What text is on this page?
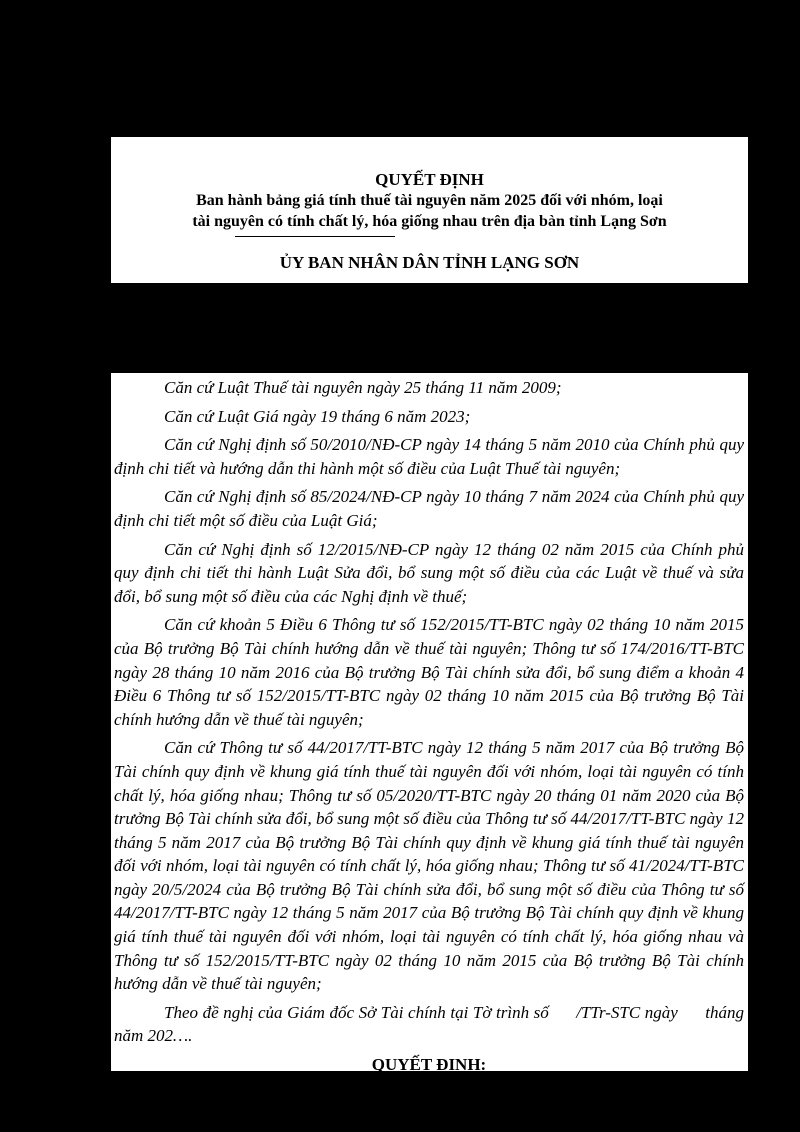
QUYẾT ĐỊNH
Ban hành bảng giá tính thuế tài nguyên năm 2025 đối với nhóm, loại
tài nguyên có tính chất lý, hóa giống nhau trên địa bàn tỉnh Lạng Sơn
ỦY BAN NHÂN DÂN TỈNH LẠNG SƠN

Căn cứ Luật Thuế tài nguyên ngày 25 tháng 11 năm 2009;

Căn cứ Luật Giá ngày 19 tháng 6 năm 2023;

Căn cứ Nghị định số 50/2010/NĐ-CP ngày 14 tháng 5 năm 2010 của Chính phủ quy định chi tiết và hướng dẫn thi hành một số điều của Luật Thuế tài nguyên;

Căn cứ Nghị định số 85/2024/NĐ-CP ngày 10 tháng 7 năm 2024 của Chính phủ quy định chi tiết một số điều của Luật Giá;

Căn cứ Nghị định số 12/2015/NĐ-CP ngày 12 tháng 02 năm 2015 của Chính phủ quy định chi tiết thi hành Luật Sửa đổi, bổ sung một số điều của các Luật về thuế và sửa đổi, bổ sung một số điều của các Nghị định về thuế;

Căn cứ khoản 5 Điều 6 Thông tư số 152/2015/TT-BTC ngày 02 tháng 10 năm 2015 của Bộ trưởng Bộ Tài chính hướng dẫn về thuế tài nguyên; Thông tư số 174/2016/TT-BTC ngày 28 tháng 10 năm 2016 của Bộ trưởng Bộ Tài chính sửa đổi, bổ sung điểm a khoản 4 Điều 6 Thông tư số 152/2015/TT-BTC ngày 02 tháng 10 năm 2015 của Bộ trưởng Bộ Tài chính hướng dẫn về thuế tài nguyên;

Căn cứ Thông tư số 44/2017/TT-BTC ngày 12 tháng 5 năm 2017 của Bộ trưởng Bộ Tài chính quy định về khung giá tính thuế tài nguyên đối với nhóm, loại tài nguyên có tính chất lý, hóa giống nhau; Thông tư số 05/2020/TT-BTC ngày 20 tháng 01 năm 2020 của Bộ trưởng Bộ Tài chính sửa đổi, bổ sung một số điều của Thông tư số 44/2017/TT-BTC ngày 12 tháng 5 năm 2017 của Bộ trưởng Bộ Tài chính quy định về khung giá tính thuế tài nguyên đối với nhóm, loại tài nguyên có tính chất lý, hóa giống nhau; Thông tư số 41/2024/TT-BTC ngày 20/5/2024 của Bộ trưởng Bộ Tài chính sửa đổi, bổ sung một số điều của Thông tư số 44/2017/TT-BTC ngày 12 tháng 5 năm 2017 của Bộ trưởng Bộ Tài chính quy định về khung giá tính thuế tài nguyên đối với nhóm, loại tài nguyên có tính chất lý, hóa giống nhau và Thông tư số 152/2015/TT-BTC ngày 02 tháng 10 năm 2015 của Bộ trưởng Bộ Tài chính hướng dẫn về thuế tài nguyên;

Theo đề nghị của Giám đốc Sở Tài chính tại Tờ trình số      /TTr-STC ngày      tháng      năm 202….

QUYẾT ĐỊNH:
